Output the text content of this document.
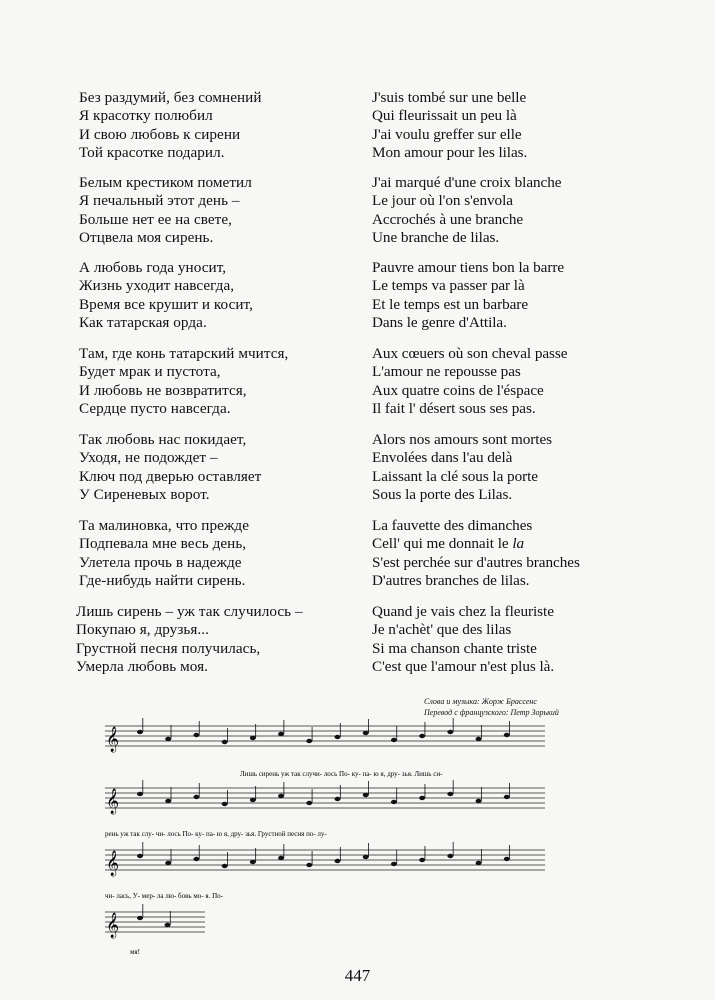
Без раздумий, без сомнений
Я красотку полюбил
И свою любовь к сирени
Той красотке подарил.
Белым крестиком пометил
Я печальный этот день –
Больше нет ее на свете,
Отцвела моя сирень.
А любовь года уносит,
Жизнь уходит навсегда,
Время все крушит и косит,
Как татарская орда.
Там, где конь татарский мчится,
Будет мрак и пустота,
И любовь не возвратится,
Сердце пусто навсегда.
Так любовь нас покидает,
Уходя, не подождет –
Ключ под дверью оставляет
У Сиреневых ворот.
Та малиновка, что прежде
Подпевала мне весь день,
Улетела прочь в надежде
Где-нибудь найти сирень.
Лишь сирень – уж так случилось –
Покупаю я, друзья...
Грустной песня получилась,
Умерла любовь моя.
J'suis tombé sur une belle
Qui fleurissait un peu là
J'ai voulu greffer sur elle
Mon amour pour les lilas.
J'ai marqué d'une croix blanche
Le jour où l'on s'envola
Accrochés à une branche
Une branche de lilas.
Pauvre amour tiens bon la barre
Le temps va passer par là
Et le temps est un barbare
Dans le genre d'Attila.
Aux cœuers où son cheval passe
L'amour ne repousse pas
Aux quatre coins de l'éspace
Il fait l' désert sous ses pas.
Alors nos amours sont mortes
Envolées dans l'au delà
Laissant la clé sous la porte
Sous la porte des Lilas.
La fauvette des dimanches
Cell' qui me donnait le la
S'est perchée sur d'autres branches
D'autres branches de lilas.
Quand je vais chez la fleuriste
Je n'achèt' que des lilas
Si ma chanson chante triste
C'est que l'amour n'est plus là.
Слова и музыка: Жорж Брассенс
Перевод с французского: Петр Зорький
𝄞
𝄞
𝄞
𝄞
Лишь сирень уж так случи- лось По- ку- па- ю я, дру- зья. Лишь си-
рень уж так слу- чи- лось По- ку- па- ю я, дру- зья. Грустной песня по- лу-
чи- лась, У- мер- ла лю- бовь мо- я. По-
мя!
447
